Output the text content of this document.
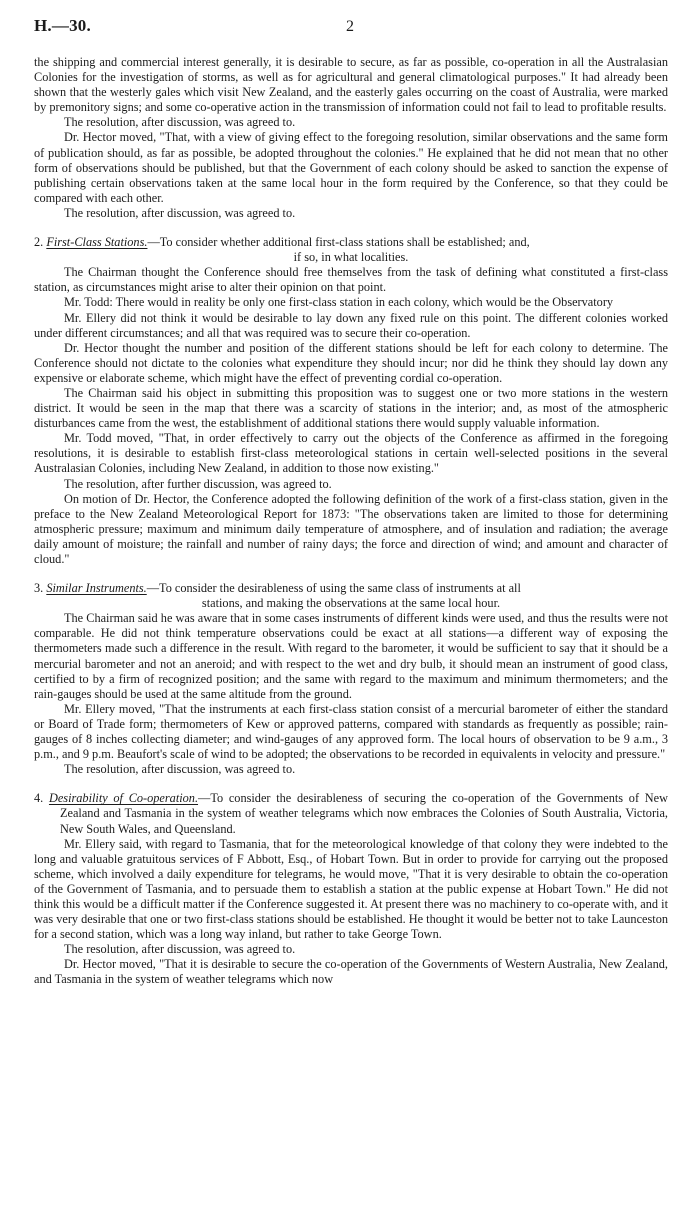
H.—30.	2

the shipping and commercial interest generally, it is desirable to secure, as far as possible, co-operation in all the Australasian Colonies for the investigation of storms, as well as for agricultural and general climatological purposes." It had already been shown that the westerly gales which visit New Zealand, and the easterly gales occurring on the coast of Australia, were marked by premonitory signs; and some co-operative action in the transmission of information could not fail to lead to profitable results.

The resolution, after discussion, was agreed to.

Dr. Hector moved, "That, with a view of giving effect to the foregoing resolution, similar observations and the same form of publication should, as far as possible, be adopted throughout the colonies." He explained that he did not mean that no other form of observations should be published, but that the Government of each colony should be asked to sanction the expense of publishing certain observations taken at the same local hour in the form required by the Conference, so that they could be compared with each other.

The resolution, after discussion, was agreed to.

2. First-Class Stations.—To consider whether additional first-class stations shall be established; and,
if so, in what localities.

The Chairman thought the Conference should free themselves from the task of defining what constituted a first-class station, as circumstances might arise to alter their opinion on that point.

Mr. Todd: There would in reality be only one first-class station in each colony, which would be the Observatory

Mr. Ellery did not think it would be desirable to lay down any fixed rule on this point. The different colonies worked under different circumstances; and all that was required was to secure their co-operation.

Dr. Hector thought the number and position of the different stations should be left for each colony to determine. The Conference should not dictate to the colonies what expenditure they should incur; nor did he think they should lay down any expensive or elaborate scheme, which might have the effect of preventing cordial co-operation.

The Chairman said his object in submitting this proposition was to suggest one or two more stations in the western district. It would be seen in the map that there was a scarcity of stations in the interior; and, as most of the atmospheric disturbances came from the west, the establishment of additional stations there would supply valuable information.

Mr. Todd moved, "That, in order effectively to carry out the objects of the Conference as affirmed in the foregoing resolutions, it is desirable to establish first-class meteorological stations in certain well-selected positions in the several Australasian Colonies, including New Zealand, in addition to those now existing."

The resolution, after further discussion, was agreed to.

On motion of Dr. Hector, the Conference adopted the following definition of the work of a first-class station, given in the preface to the New Zealand Meteorological Report for 1873: "The observations taken are limited to those for determining atmospheric pressure; maximum and minimum daily temperature of atmosphere, and of insulation and radiation; the average daily amount of moisture; the rainfall and number of rainy days; the force and direction of wind; and amount and character of cloud."

3. Similar Instruments.—To consider the desirableness of using the same class of instruments at all
stations, and making the observations at the same local hour.

The Chairman said he was aware that in some cases instruments of different kinds were used, and thus the results were not comparable. He did not think temperature observations could be exact at all stations—a different way of exposing the thermometers made such a difference in the result. With regard to the barometer, it would be sufficient to say that it should be a mercurial barometer and not an aneroid; and with respect to the wet and dry bulb, it should mean an instrument of good class, certified to by a firm of recognized position; and the same with regard to the maximum and minimum thermometers; and the rain-gauges should be used at the same altitude from the ground.

Mr. Ellery moved, "That the instruments at each first-class station consist of a mercurial barometer of either the standard or Board of Trade form; thermometers of Kew or approved patterns, compared with standards as frequently as possible; rain-gauges of 8 inches collecting diameter; and wind-gauges of any approved form. The local hours of observation to be 9 a.m., 3 p.m., and 9 p.m. Beaufort's scale of wind to be adopted; the observations to be recorded in equivalents in velocity and pressure."

The resolution, after discussion, was agreed to.

4. Desirability of Co-operation.—To consider the desirableness of securing the co-operation of the Governments of New Zealand and Tasmania in the system of weather telegrams which now embraces the Colonies of South Australia, Victoria, New South Wales, and Queensland.

Mr. Ellery said, with regard to Tasmania, that for the meteorological knowledge of that colony they were indebted to the long and valuable gratuitous services of F Abbott, Esq., of Hobart Town. But in order to provide for carrying out the proposed scheme, which involved a daily expenditure for telegrams, he would move, "That it is very desirable to obtain the co-operation of the Government of Tasmania, and to persuade them to establish a station at the public expense at Hobart Town." He did not think this would be a difficult matter if the Conference suggested it. At present there was no machinery to co-operate with, and it was very desirable that one or two first-class stations should be established. He thought it would be better not to take Launceston for a second station, which was a long way inland, but rather to take George Town.

The resolution, after discussion, was agreed to.

Dr. Hector moved, "That it is desirable to secure the co-operation of the Governments of Western Australia, New Zealand, and Tasmania in the system of weather telegrams which now
